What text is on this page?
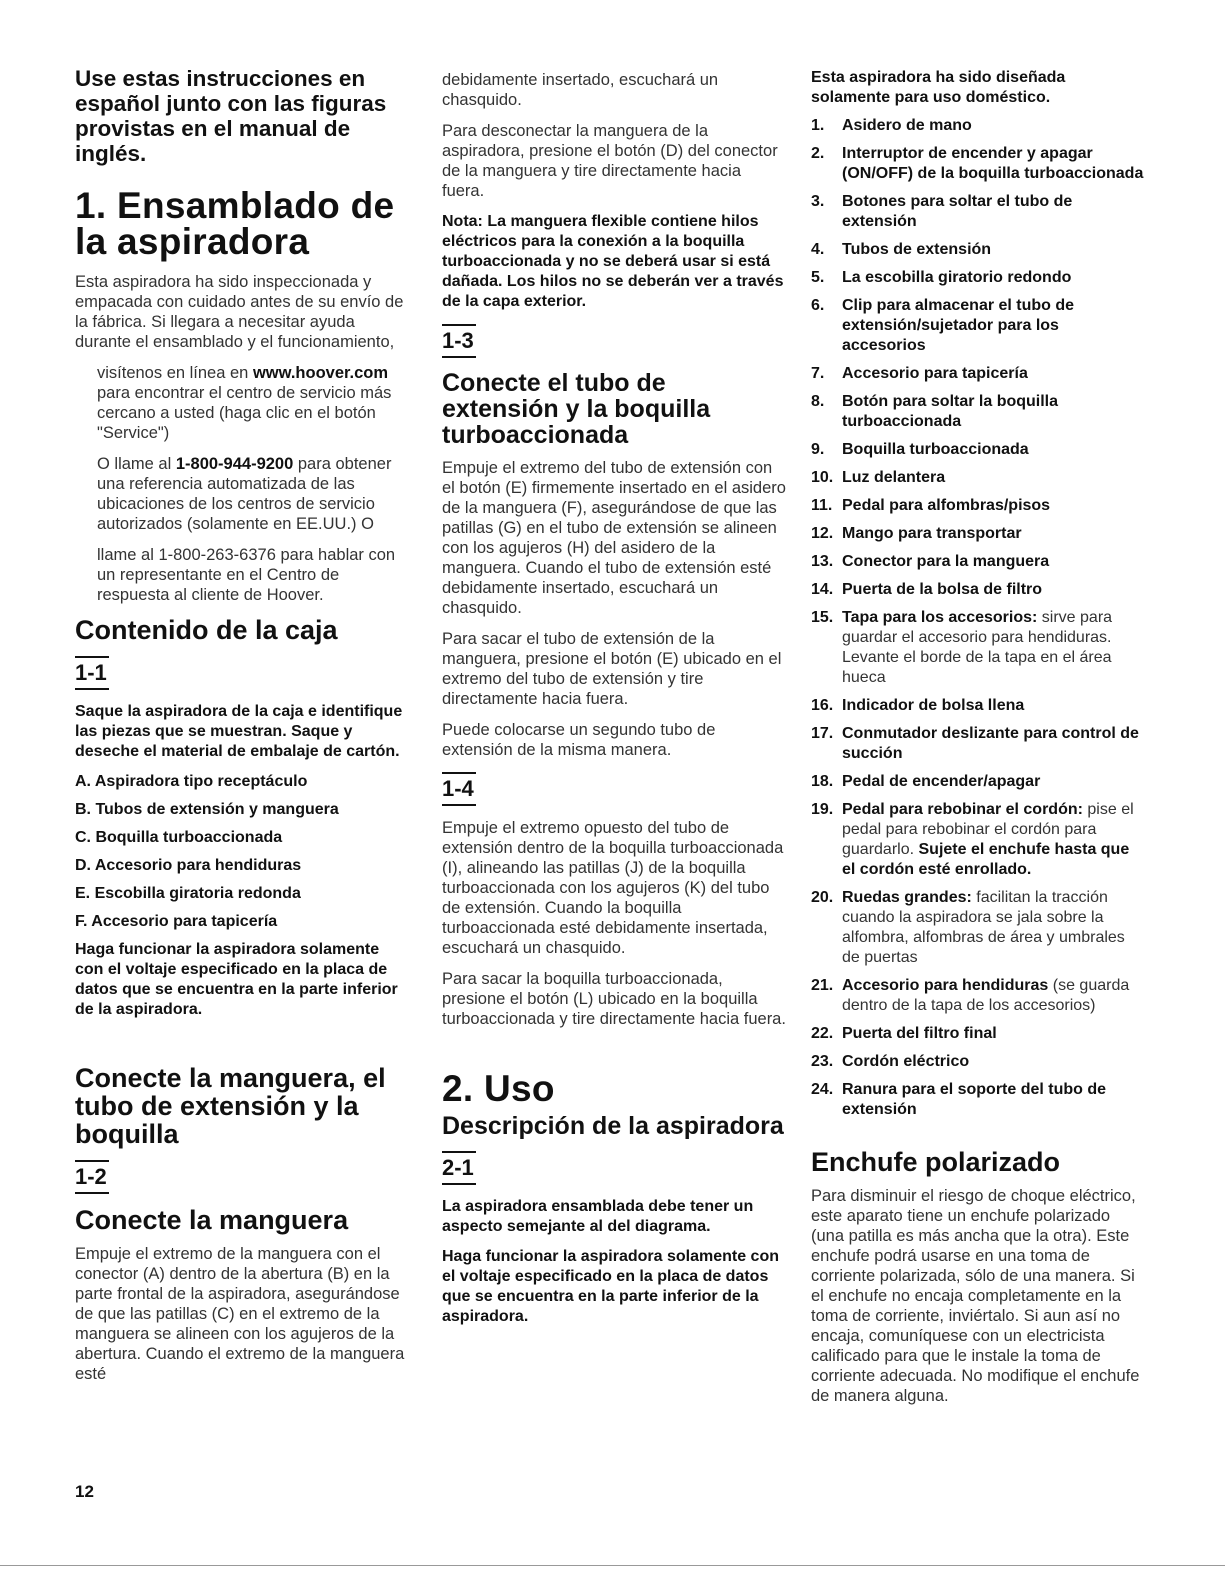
Use estas instrucciones en español junto con las figuras provistas en el manual de inglés.

1. Ensamblado de la aspiradora

Esta aspiradora ha sido inspeccionada y empacada con cuidado antes de su envío de la fábrica. Si llegara a necesitar ayuda durante el ensamblado y el funcionamiento,

visítenos en línea en www.hoover.com para encontrar el centro de servicio más cercano a usted (haga clic en el botón "Service")

O llame al 1-800-944-9200 para obtener una referencia automatizada de las ubicaciones de los centros de servicio autorizados (solamente en EE.UU.) O

llame al 1-800-263-6376 para hablar con un representante en el Centro de respuesta al cliente de Hoover.

Contenido de la caja

1-1

Saque la aspiradora de la caja e identifique las piezas que se muestran. Saque y deseche el material de embalaje de cartón.

A. Aspiradora tipo receptáculo
B. Tubos de extensión y manguera
C. Boquilla turboaccionada
D. Accesorio para hendiduras
E. Escobilla giratoria redonda
F. Accesorio para tapicería

Haga funcionar la aspiradora solamente con el voltaje especificado en la placa de datos que se encuentra en la parte inferior de la aspiradora.

Conecte la manguera, el tubo de extensión y la boquilla

1-2

Conecte la manguera

Empuje el extremo de la manguera con el conector (A) dentro de la abertura (B) en la parte frontal de la aspiradora, asegurándose de que las patillas (C) en el extremo de la manguera se alineen con los agujeros de la abertura. Cuando el extremo de la manguera esté

12

debidamente insertado, escuchará un chasquido.

Para desconectar la manguera de la aspiradora, presione el botón (D) del conector de la manguera y tire directamente hacia fuera.

Nota: La manguera flexible contiene hilos eléctricos para la conexión a la boquilla turboaccionada y no se deberá usar si está dañada. Los hilos no se deberán ver a través de la capa exterior.

1-3

Conecte el tubo de extensión y la boquilla turboaccionada

Empuje el extremo del tubo de extensión con el botón (E) firmemente insertado en el asidero de la manguera (F), asegurándose de que las patillas (G) en el tubo de extensión se alineen con los agujeros (H) del asidero de la manguera. Cuando el tubo de extensión esté debidamente insertado, escuchará un chasquido.

Para sacar el tubo de extensión de la manguera, presione el botón (E) ubicado en el extremo del tubo de extensión y tire directamente hacia fuera.

Puede colocarse un segundo tubo de extensión de la misma manera.

1-4

Empuje el extremo opuesto del tubo de extensión dentro de la boquilla turboaccionada (I), alineando las patillas (J) de la boquilla turboaccionada con los agujeros (K) del tubo de extensión. Cuando la boquilla turboaccionada esté debidamente insertada, escuchará un chasquido.

Para sacar la boquilla turboaccionada, presione el botón (L) ubicado en la boquilla turboaccionada y tire directamente hacia fuera.

2. Uso

Descripción de la aspiradora

2-1

La aspiradora ensamblada debe tener un aspecto semejante al del diagrama.

Haga funcionar la aspiradora solamente con el voltaje especificado en la placa de datos que se encuentra en la parte inferior de la aspiradora.

Esta aspiradora ha sido diseñada solamente para uso doméstico.

1.	Asidero de mano
2.	Interruptor de encender y apagar (ON/OFF) de la boquilla turboaccionada
3.	Botones para soltar el tubo de extensión
4.	Tubos de extensión
5.	La escobilla giratorio redondo
6.	Clip para almacenar el tubo de extensión/sujetador para los accesorios
7.	Accesorio para tapicería
8.	Botón para soltar la boquilla turboaccionada
9.	Boquilla turboaccionada
10. Luz delantera
11. Pedal para alfombras/pisos
12. Mango para transportar
13. Conector para la manguera
14. Puerta de la bolsa de filtro
15. Tapa para los accesorios: sirve para guardar el accesorio para hendiduras. Levante el borde de la tapa en el área hueca
16. Indicador de bolsa llena
17. Conmutador deslizante para control de succión
18. Pedal de encender/apagar
19. Pedal para rebobinar el cordón: pise el pedal para rebobinar el cordón para guardarlo. Sujete el enchufe hasta que el cordón esté enrollado.
20. Ruedas grandes: facilitan la tracción cuando la aspiradora se jala sobre la alfombra, alfombras de área y umbrales de puertas
21. Accesorio para hendiduras (se guarda dentro de la tapa de los accesorios)
22. Puerta del filtro final
23. Cordón eléctrico
24. Ranura para el soporte del tubo de extensión

Enchufe polarizado

Para disminuir el riesgo de choque eléctrico, este aparato tiene un enchufe polarizado (una patilla es más ancha que la otra). Este enchufe podrá usarse en una toma de corriente polarizada, sólo de una manera. Si el enchufe no encaja completamente en la toma de corriente, inviértalo. Si aun así no encaja, comuníquese con un electricista calificado para que le instale la toma de corriente adecuada. No modifique el enchufe de manera alguna.
